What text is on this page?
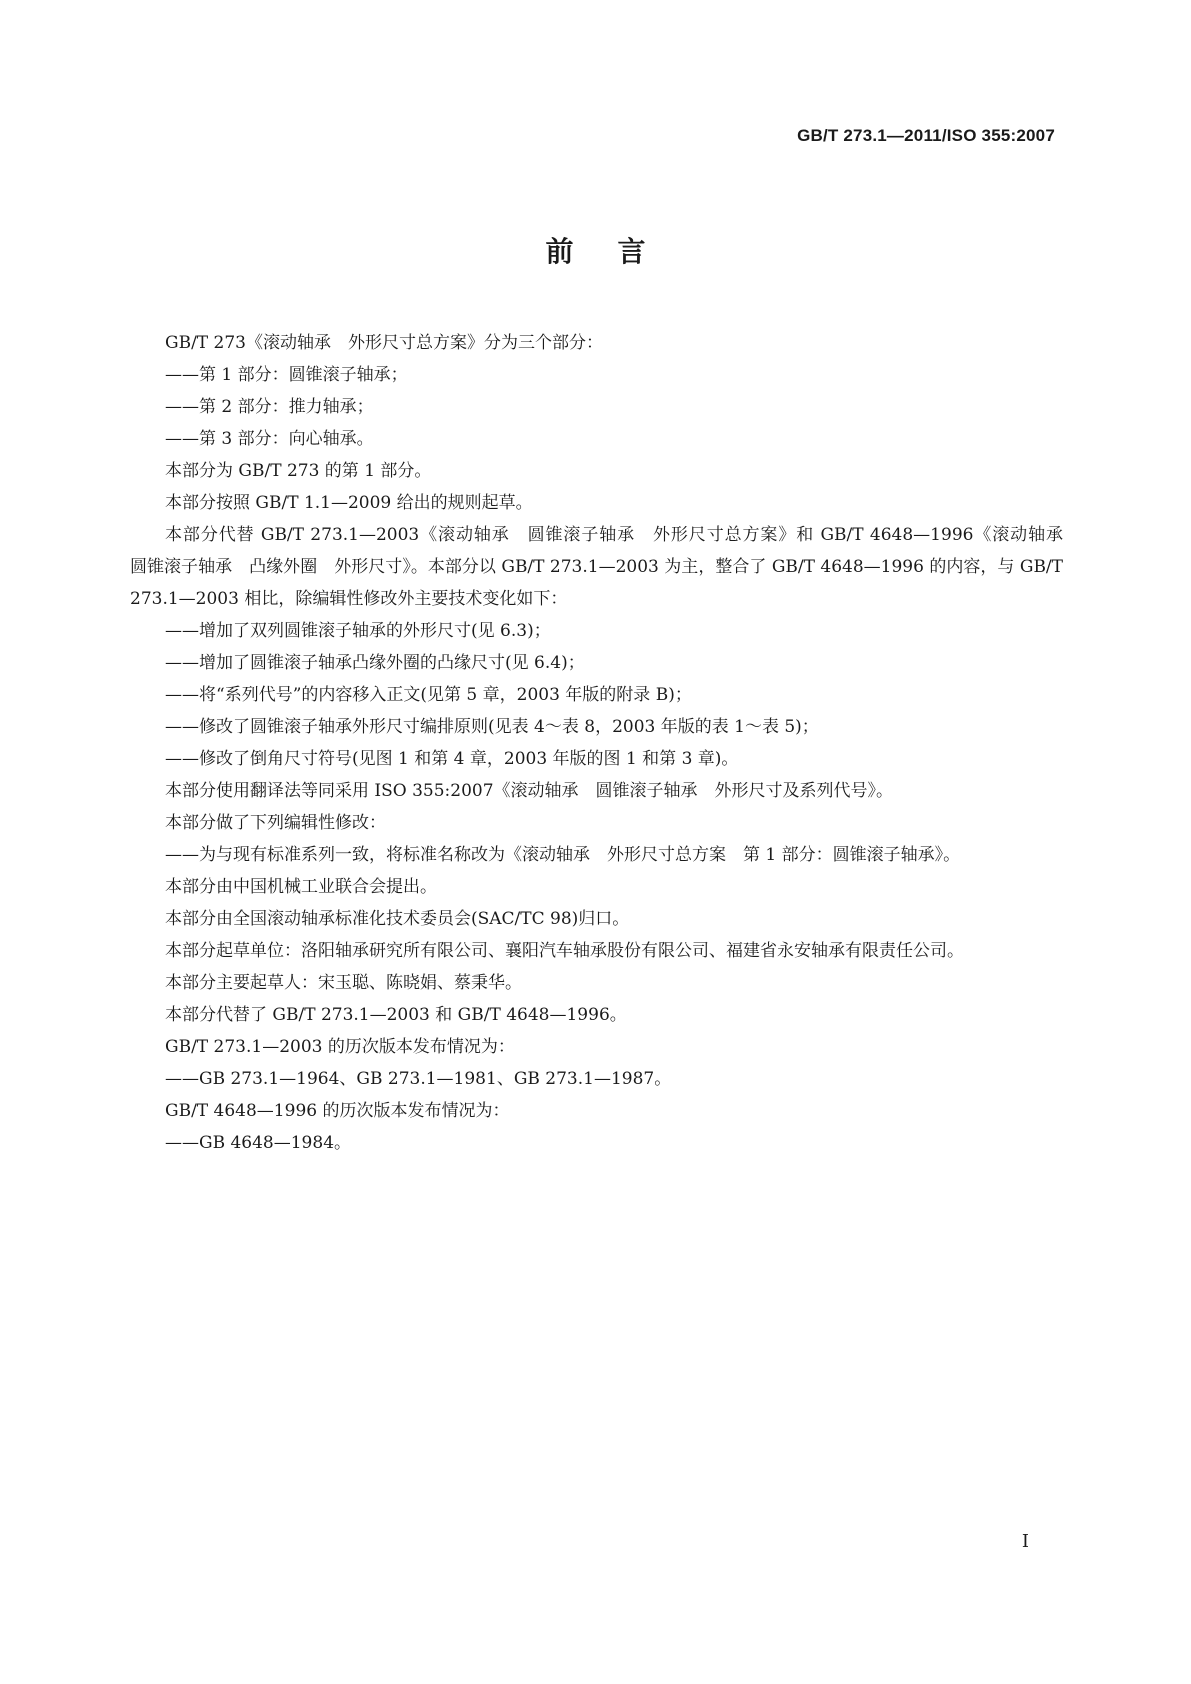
GB/T 273.1—2011/ISO 355:2007
前言

GB/T 273《滚动轴承　外形尺寸总方案》分为三个部分：

——第 1 部分：圆锥滚子轴承；

——第 2 部分：推力轴承；

——第 3 部分：向心轴承。

本部分为 GB/T 273 的第 1 部分。

本部分按照 GB/T 1.1—2009 给出的规则起草。

本部分代替 GB/T 273.1—2003《滚动轴承　圆锥滚子轴承　外形尺寸总方案》和 GB/T 4648—1996《滚动轴承　圆锥滚子轴承　凸缘外圈　外形尺寸》。本部分以 GB/T 273.1—2003 为主，整合了 GB/T 4648—1996 的内容，与 GB/T 273.1—2003 相比，除编辑性修改外主要技术变化如下：

——增加了双列圆锥滚子轴承的外形尺寸(见 6.3)；

——增加了圆锥滚子轴承凸缘外圈的凸缘尺寸(见 6.4)；

——将“系列代号”的内容移入正文(见第 5 章，2003 年版的附录 B)；

——修改了圆锥滚子轴承外形尺寸编排原则(见表 4～表 8，2003 年版的表 1～表 5)；

——修改了倒角尺寸符号(见图 1 和第 4 章，2003 年版的图 1 和第 3 章)。

本部分使用翻译法等同采用 ISO 355:2007《滚动轴承　圆锥滚子轴承　外形尺寸及系列代号》。

本部分做了下列编辑性修改：

——为与现有标准系列一致，将标准名称改为《滚动轴承　外形尺寸总方案　第 1 部分：圆锥滚子轴承》。

本部分由中国机械工业联合会提出。

本部分由全国滚动轴承标准化技术委员会(SAC/TC 98)归口。

本部分起草单位：洛阳轴承研究所有限公司、襄阳汽车轴承股份有限公司、福建省永安轴承有限责任公司。

本部分主要起草人：宋玉聪、陈晓娟、蔡秉华。

本部分代替了 GB/T 273.1—2003 和 GB/T 4648—1996。

GB/T 273.1—2003 的历次版本发布情况为：

——GB 273.1—1964、GB 273.1—1981、GB 273.1—1987。

GB/T 4648—1996 的历次版本发布情况为：

——GB 4648—1984。

I
